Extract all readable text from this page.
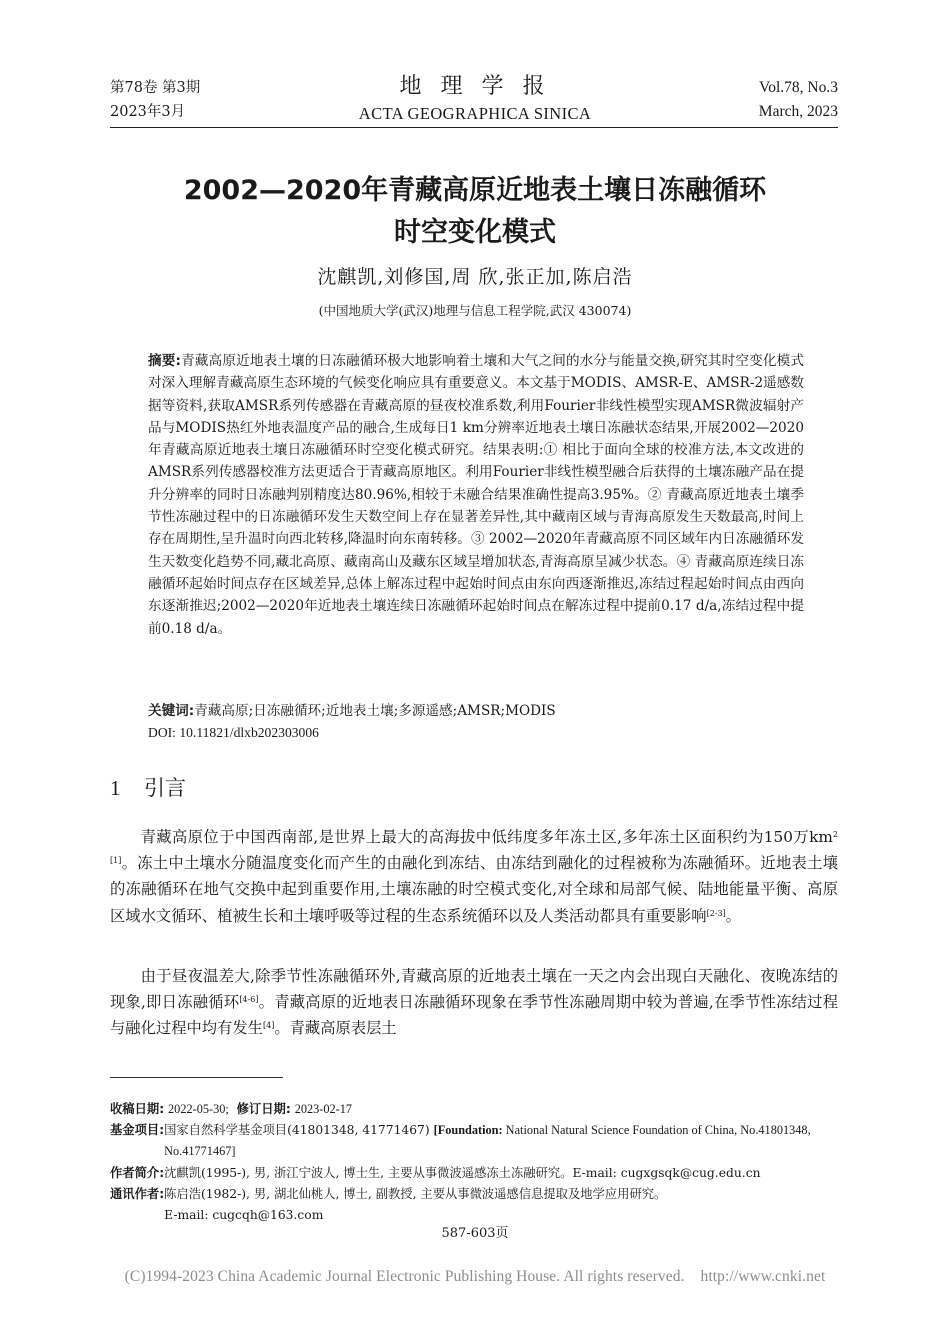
第78卷 第3期
2023年3月
地 理 学 报
ACTA GEOGRAPHICA SINICA
Vol.78, No.3
March, 2023
2002—2020年青藏高原近地表土壤日冻融循环
时空变化模式
沈麒凯,刘修国,周 欣,张正加,陈启浩
(中国地质大学(武汉)地理与信息工程学院,武汉 430074)
摘要:青藏高原近地表土壤的日冻融循环极大地影响着土壤和大气之间的水分与能量交换,研究其时空变化模式对深入理解青藏高原生态环境的气候变化响应具有重要意义。本文基于MODIS、AMSR-E、AMSR-2遥感数据等资料,获取AMSR系列传感器在青藏高原的昼夜校准系数,利用Fourier非线性模型实现AMSR微波辐射产品与MODIS热红外地表温度产品的融合,生成每日1 km分辨率近地表土壤日冻融状态结果,开展2002—2020年青藏高原近地表土壤日冻融循环时空变化模式研究。结果表明:① 相比于面向全球的校准方法,本文改进的AMSR系列传感器校准方法更适合于青藏高原地区。利用Fourier非线性模型融合后获得的土壤冻融产品在提升分辨率的同时日冻融判别精度达80.96%,相较于未融合结果准确性提高3.95%。② 青藏高原近地表土壤季节性冻融过程中的日冻融循环发生天数空间上存在显著差异性,其中藏南区域与青海高原发生天数最高,时间上存在周期性,呈升温时向西北转移,降温时向东南转移。③ 2002—2020年青藏高原不同区域年内日冻融循环发生天数变化趋势不同,藏北高原、藏南高山及藏东区域呈增加状态,青海高原呈减少状态。④ 青藏高原连续日冻融循环起始时间点存在区域差异,总体上解冻过程中起始时间点由东向西逐渐推迟,冻结过程起始时间点由西向东逐渐推迟;2002—2020年近地表土壤连续日冻融循环起始时间点在解冻过程中提前0.17 d/a,冻结过程中提前0.18 d/a。
关键词:青藏高原;日冻融循环;近地表土壤;多源遥感;AMSR;MODIS
DOI: 10.11821/dlxb202303006
1 引言
青藏高原位于中国西南部,是世界上最大的高海拔中低纬度多年冻土区,多年冻土区面积约为150万$km^{2 [1]}$。冻土中土壤水分随温度变化而产生的由融化到冻结、由冻结到融化的过程被称为冻融循环。近地表土壤的冻融循环在地气交换中起到重要作用,土壤冻融的时空模式变化,对全球和局部气候、陆地能量平衡、高原区域水文循环、植被生长和土壤呼吸等过程的生态系统循环以及人类活动都具有重要影响[2-3]。
由于昼夜温差大,除季节性冻融循环外,青藏高原的近地表土壤在一天之内会出现白天融化、夜晚冻结的现象,即日冻融循环[4-6]。青藏高原的近地表日冻融循环现象在季节性冻融周期中较为普遍,在季节性冻结过程与融化过程中均有发生[4]。青藏高原表层土
收稿日期: 2022-05-30; 修订日期: 2023-02-17
基金项目: 国家自然科学基金项目(41801348, 41771467) [Foundation: National Natural Science Foundation of China, No.41801348, No.41771467]
作者简介: 沈麒凯(1995-), 男, 浙江宁波人, 博士生, 主要从事微波遥感冻土冻融研究。E-mail: cugxgsqk@cug.edu.cn
通讯作者: 陈启浩(1982-), 男, 湖北仙桃人, 博士, 副教授, 主要从事微波遥感信息提取及地学应用研究。
E-mail: cugcqh@163.com
587-603页
(C)1994-2023 China Academic Journal Electronic Publishing House. All rights reserved.    http://www.cnki.net
